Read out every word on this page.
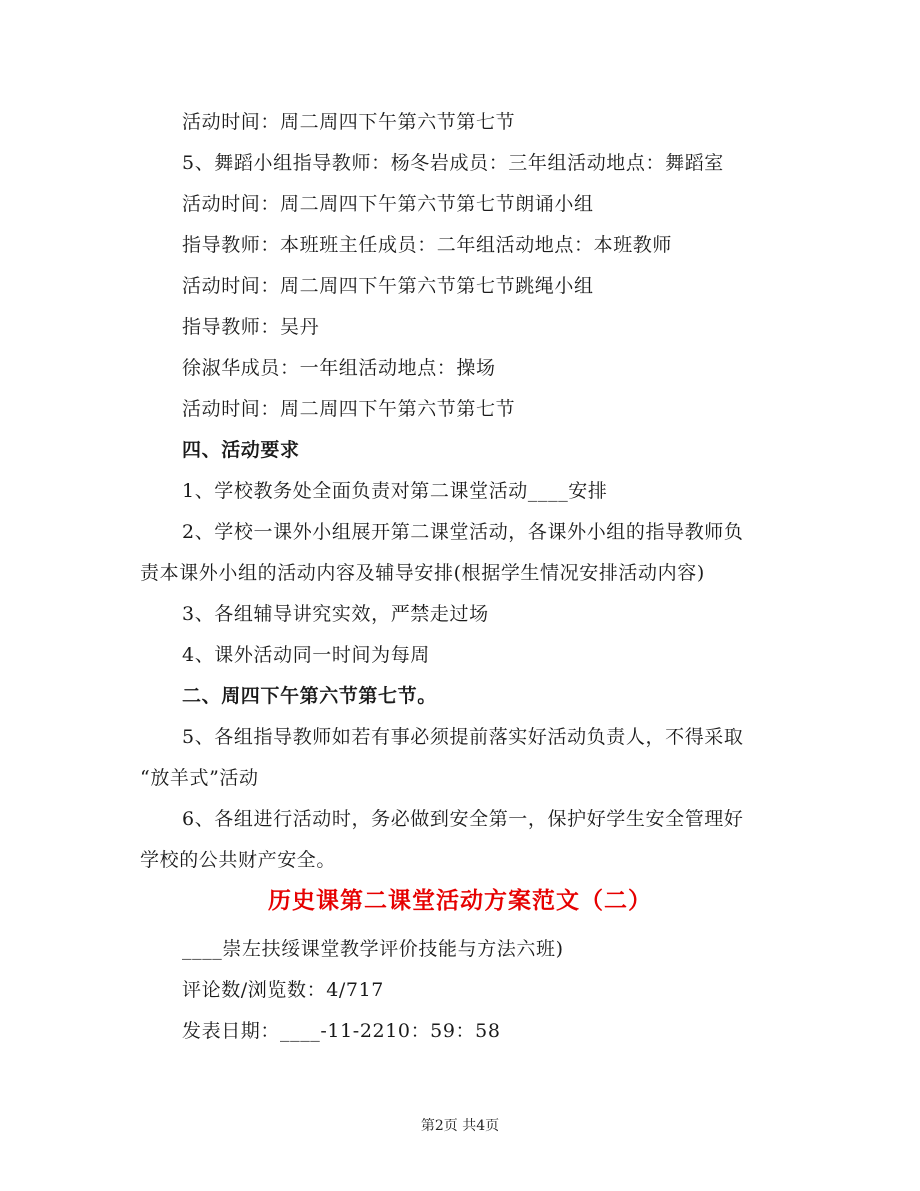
活动时间：周二周四下午第六节第七节
5、舞蹈小组指导教师：杨冬岩成员：三年组活动地点：舞蹈室
活动时间：周二周四下午第六节第七节朗诵小组
指导教师：本班班主任成员：二年组活动地点：本班教师
活动时间：周二周四下午第六节第七节跳绳小组
指导教师：吴丹
徐淑华成员：一年组活动地点：操场
活动时间：周二周四下午第六节第七节
四、活动要求
1、学校教务处全面负责对第二课堂活动____安排
2、学校一课外小组展开第二课堂活动，各课外小组的指导教师负
责本课外小组的活动内容及辅导安排(根据学生情况安排活动内容)
3、各组辅导讲究实效，严禁走过场
4、课外活动同一时间为每周
二、周四下午第六节第七节。
5、各组指导教师如若有事必须提前落实好活动负责人，不得采取
“放羊式”活动
6、各组进行活动时，务必做到安全第一，保护好学生安全管理好
学校的公共财产安全。
历史课第二课堂活动方案范文（二）
____崇左扶绥课堂教学评价技能与方法六班)
评论数/浏览数：4/717
发表日期：____-11-2210：59：58
第2页 共4页
